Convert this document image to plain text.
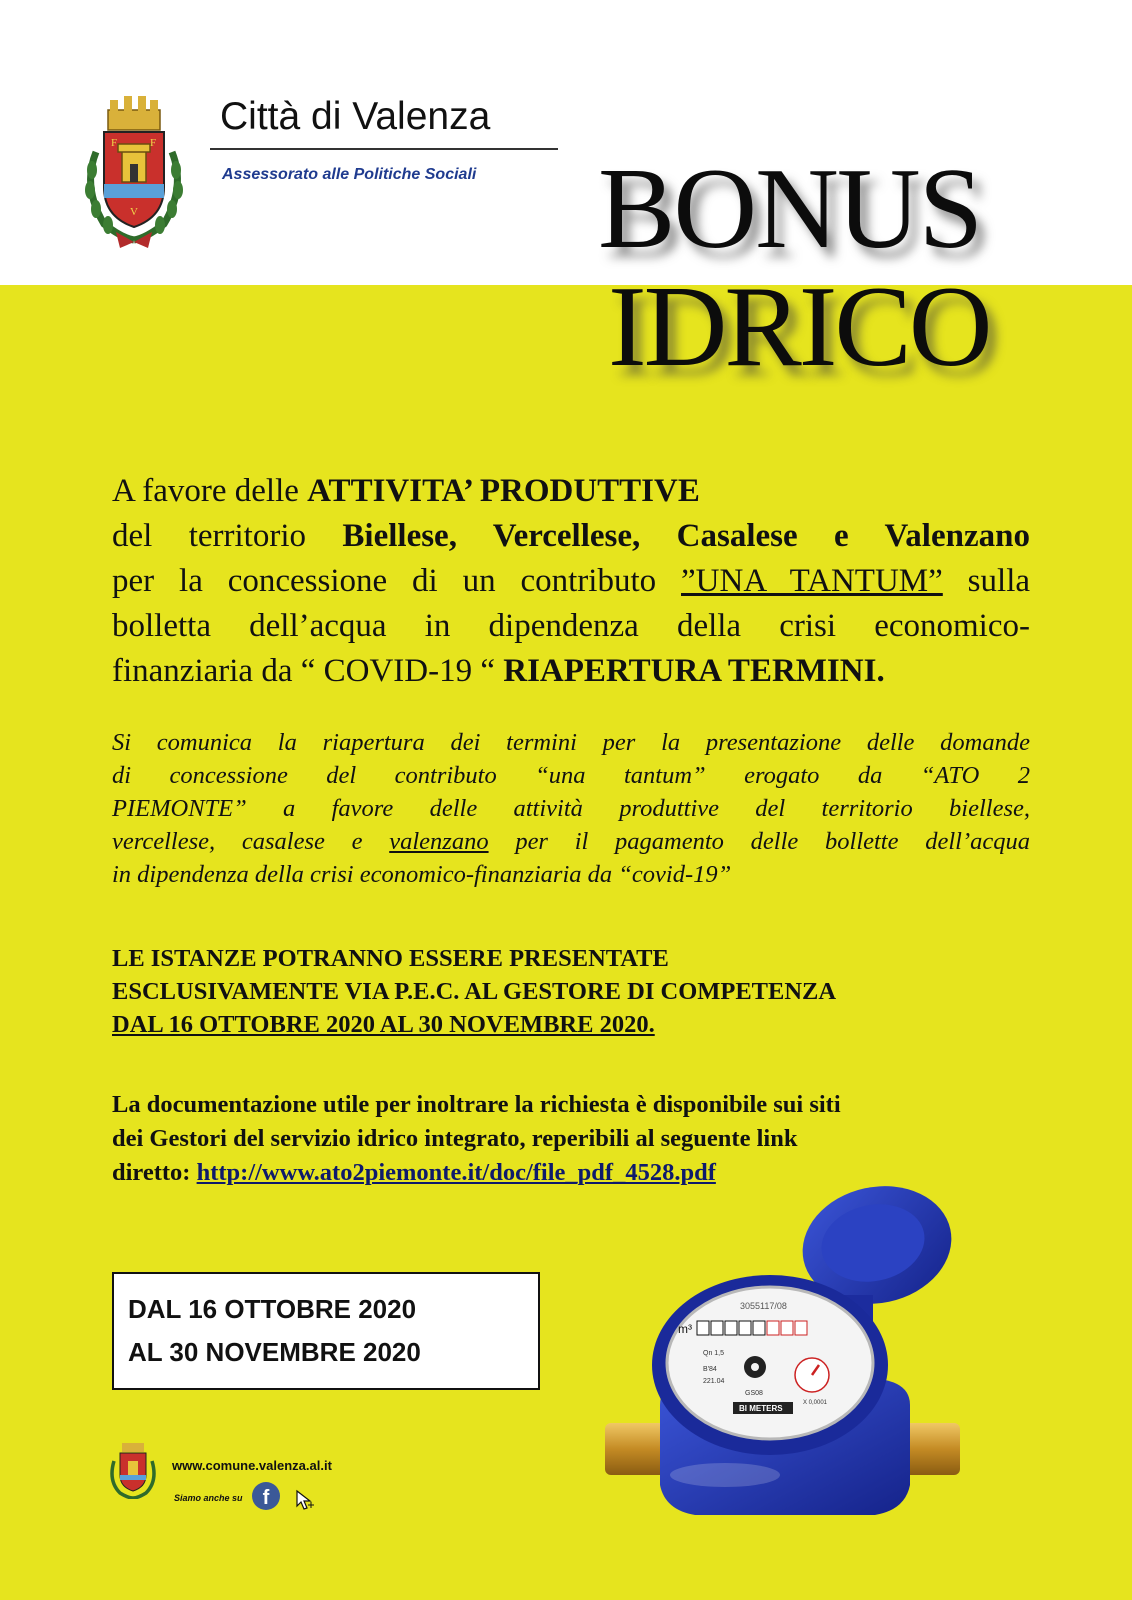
F	F
V
Città di Valenza
Assessorato alle Politiche Sociali BONUS
IDRICO
A favore delle ATTIVITA’ PRODUTTIVE
del territorio Biellese, Vercellese, Casalese e Valenzano
per la concessione di un contributo ”UNA TANTUM” sulla
bolletta dell’acqua in dipendenza della crisi economico-
finanziaria da “ COVID-19 “ RIAPERTURA TERMINI.
Si comunica la riapertura dei termini per la presentazione delle domande
di concessione del contributo “una tantum” erogato da “ATO 2
PIEMONTE” a favore delle attività produttive del territorio biellese,
vercellese, casalese e valenzano per il pagamento delle bollette dell’acqua
in dipendenza della crisi economico-finanziaria da “covid-19”
LE ISTANZE POTRANNO ESSERE PRESENTATE
ESCLUSIVAMENTE VIA P.E.C. AL GESTORE DI COMPETENZA
DAL 16 OTTOBRE 2020 AL 30 NOVEMBRE 2020.
La documentazione utile per inoltrare la richiesta è disponibile sui siti
dei Gestori del servizio idrico integrato, reperibili al seguente link
diretto: http://www.ato2piemonte.it/doc/file_pdf_4528.pdf
DAL 16 OTTOBRE 2020
AL 30 NOVEMBRE 2020
m³
3055117/08
X 0,0001
Qn 1,5
B'84
221.04
GS08
BI METERS
www.comune.valenza.al.it
Siamo anche su	f
